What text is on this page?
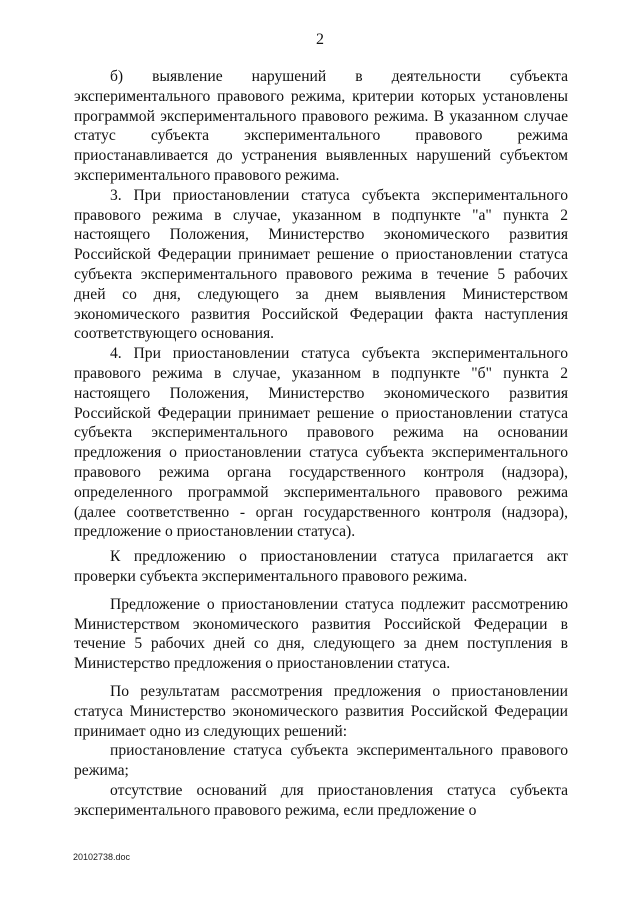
2

б) выявление нарушений в деятельности субъекта экспериментального правового режима, критерии которых установлены программой экспериментального правового режима. В указанном случае статус субъекта экспериментального правового режима приостанавливается до устранения выявленных нарушений субъектом экспериментального правового режима.

3. При приостановлении статуса субъекта экспериментального правового режима в случае, указанном в подпункте "а" пункта 2 настоящего Положения, Министерство экономического развития Российской Федерации принимает решение о приостановлении статуса субъекта экспериментального правового режима в течение 5 рабочих дней со дня, следующего за днем выявления Министерством экономического развития Российской Федерации факта наступления соответствующего основания.

4. При приостановлении статуса субъекта экспериментального правового режима в случае, указанном в подпункте "б" пункта 2 настоящего Положения, Министерство экономического развития Российской Федерации принимает решение о приостановлении статуса субъекта экспериментального правового режима на основании предложения о приостановлении статуса субъекта экспериментального правового режима органа государственного контроля (надзора), определенного программой экспериментального правового режима (далее соответственно - орган государственного контроля (надзора), предложение о приостановлении статуса).

К предложению о приостановлении статуса прилагается акт проверки субъекта экспериментального правового режима.

Предложение о приостановлении статуса подлежит рассмотрению Министерством экономического развития Российской Федерации в течение 5 рабочих дней со дня, следующего за днем поступления в Министерство предложения о приостановлении статуса.

По результатам рассмотрения предложения о приостановлении статуса Министерство экономического развития Российской Федерации принимает одно из следующих решений:

приостановление статуса субъекта экспериментального правового режима;

отсутствие оснований для приостановления статуса субъекта экспериментального правового режима, если предложение о

20102738.doc
